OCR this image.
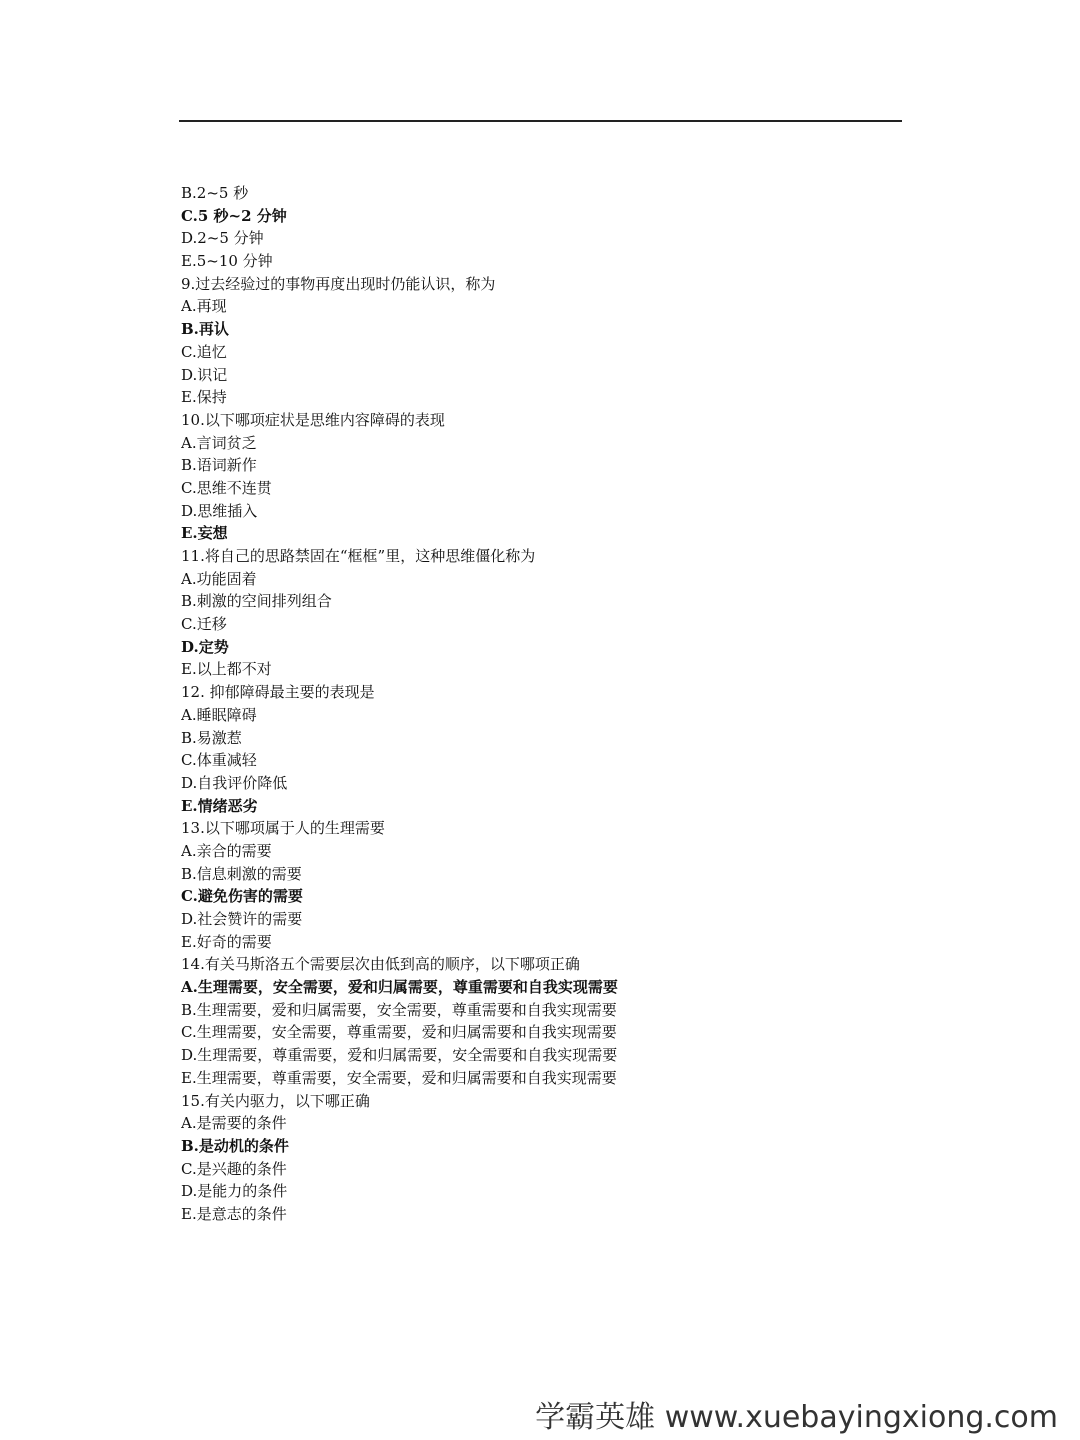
B.2~5 秒
C.5 秒~2 分钟
D.2~5 分钟
E.5~10 分钟
9.过去经验过的事物再度出现时仍能认识，称为
A.再现
B.再认
C.追忆
D.识记
E.保持
10.以下哪项症状是思维内容障碍的表现
A.言词贫乏
B.语词新作
C.思维不连贯
D.思维插入
E.妄想
11.将自己的思路禁固在“框框”里，这种思维僵化称为
A.功能固着
B.刺激的空间排列组合
C.迁移
D.定势
E.以上都不对
12. 抑郁障碍最主要的表现是
A.睡眠障碍
B.易激惹
C.体重减轻
D.自我评价降低
E.情绪恶劣
13.以下哪项属于人的生理需要
A.亲合的需要
B.信息刺激的需要
C.避免伤害的需要
D.社会赞许的需要
E.好奇的需要
14.有关马斯洛五个需要层次由低到高的顺序，以下哪项正确
A.生理需要，安全需要，爱和归属需要，尊重需要和自我实现需要
B.生理需要，爱和归属需要，安全需要，尊重需要和自我实现需要
C.生理需要，安全需要，尊重需要，爱和归属需要和自我实现需要
D.生理需要，尊重需要，爱和归属需要，安全需要和自我实现需要
E.生理需要，尊重需要，安全需要，爱和归属需要和自我实现需要
15.有关内驱力，以下哪正确
A.是需要的条件
B.是动机的条件
C.是兴趣的条件
D.是能力的条件
E.是意志的条件
学霸英雄 www.xuebayingxiong.com
